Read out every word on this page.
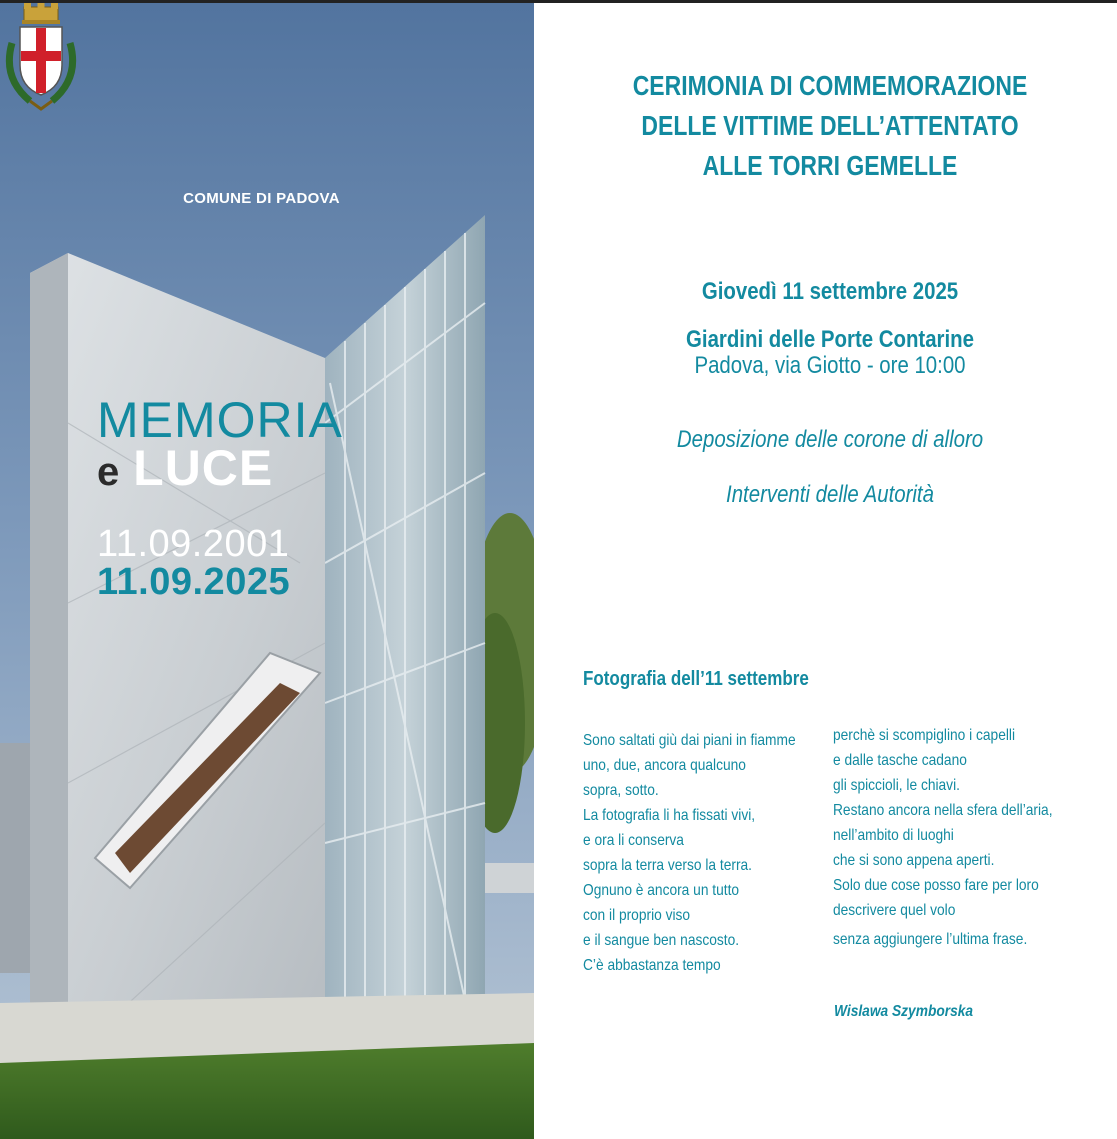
COMUNE DI PADOVA
MEMORIA
e LUCE
11.09.2001
11.09.2025
CERIMONIA DI COMMEMORAZIONE
DELLE VITTIME DELL’ATTENTATO
ALLE TORRI GEMELLE
Giovedì 11 settembre 2025
Giardini delle Porte Contarine
Padova, via Giotto - ore 10:00
Deposizione delle corone di alloro
Interventi delle Autorità
Fotografia dell’11 settembre
Sono saltati giù dai piani in fiamme
uno, due, ancora qualcuno
sopra, sotto.
La fotografia li ha fissati vivi,
e ora li conserva
sopra la terra verso la terra.
Ognuno è ancora un tutto
con il proprio viso
e il sangue ben nascosto.
C’è abbastanza tempo
perchè si scompiglino i capelli
e dalle tasche cadano
gli spiccioli, le chiavi.
Restano ancora nella sfera dell’aria,
nell’ambito di luoghi
che si sono appena aperti.
Solo due cose posso fare per loro
descrivere quel volo
senza aggiungere l’ultima frase.
Wislawa Szymborska
